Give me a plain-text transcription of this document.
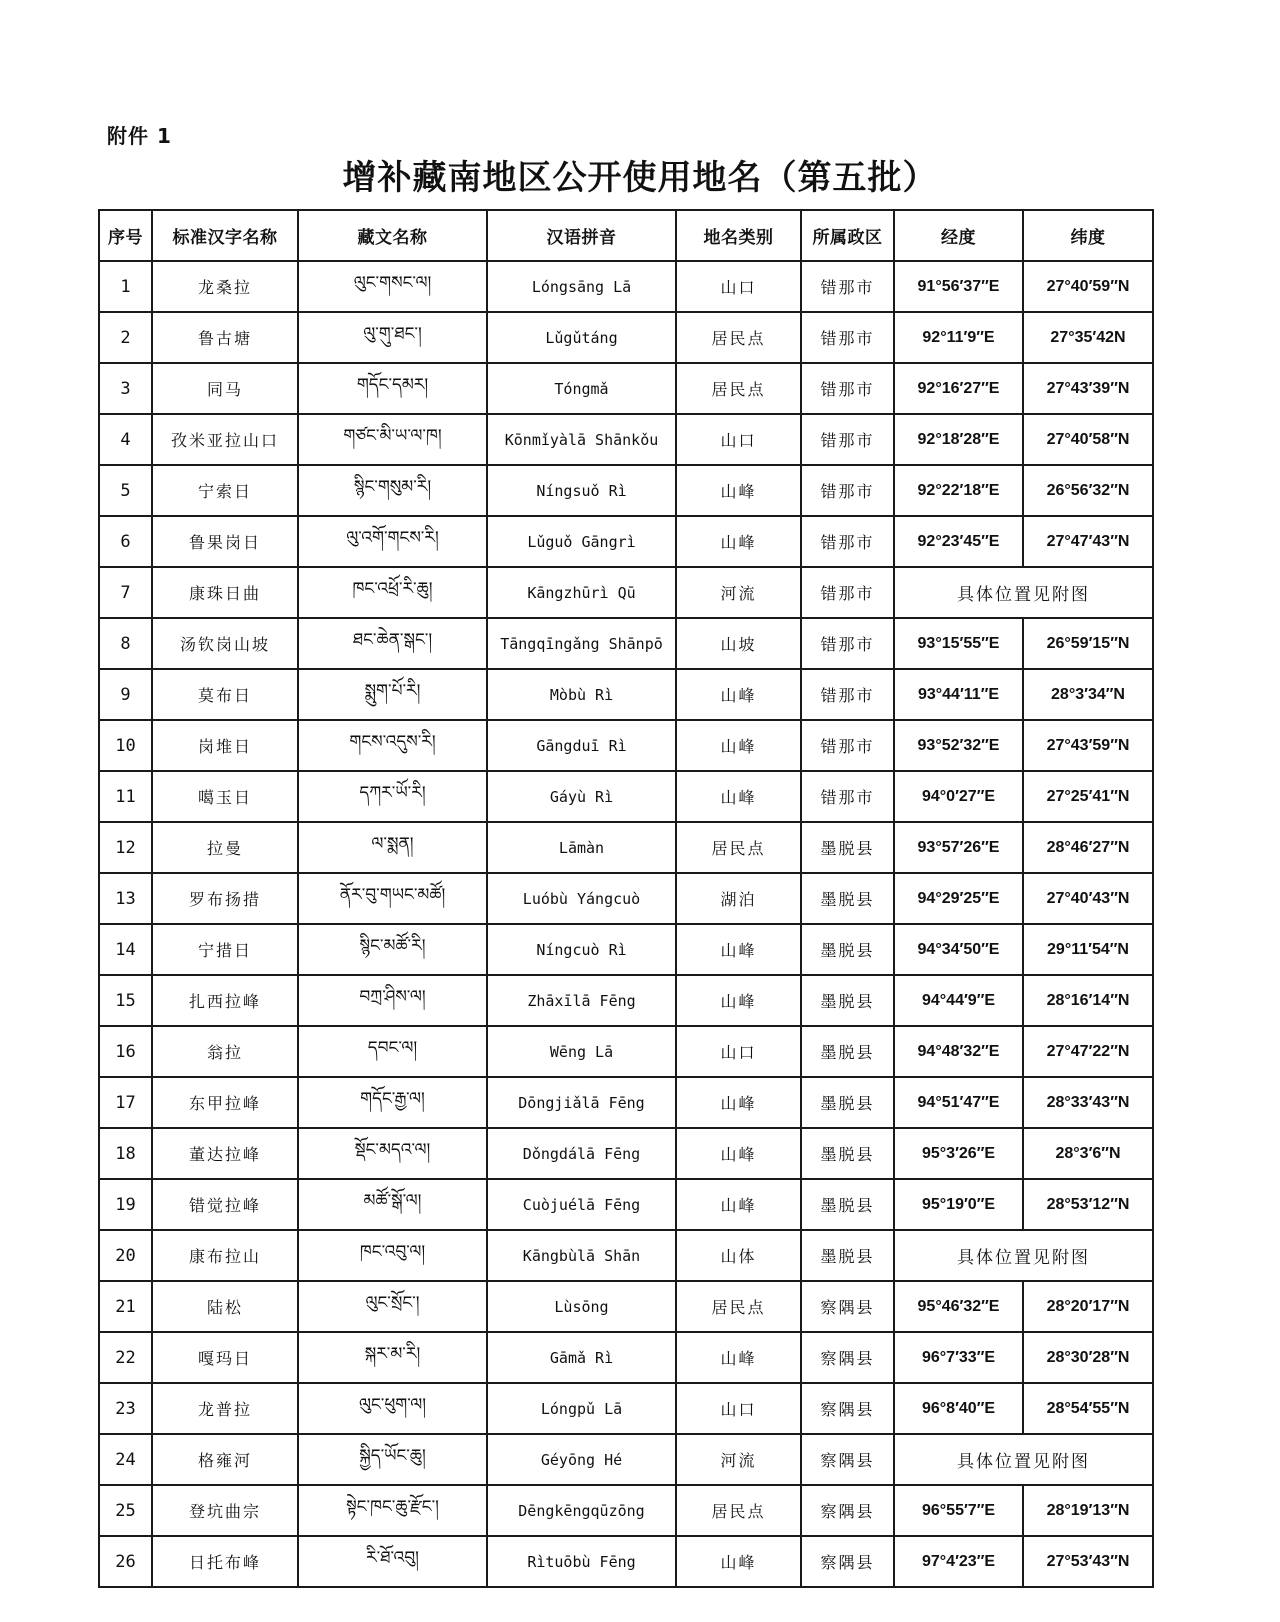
附件 1
增补藏南地区公开使用地名（第五批）
序号	标准汉字名称	藏文名称	汉语拼音	地名类别	所属政区	经度	纬度
1	龙桑拉	ལུང་གསང་ལ།	Lóngsāng Lā	山口	错那市	91°56′37″E	27°40′59″N
2	鲁古塘	ལུ་གུ་ཐང་།	Lǔgǔtáng	居民点	错那市	92°11′9″E	27°35′42N
3	同马	གདོང་དམར།	Tóngmǎ	居民点	错那市	92°16′27″E	27°43′39″N
4	孜米亚拉山口	གཙང་མི་ཡ་ལ་ཁ།	Kōnmǐyàlā Shānkǒu	山口	错那市	92°18′28″E	27°40′58″N
5	宁索日	སྙིང་གསུམ་རི།	Níngsuǒ Rì	山峰	错那市	92°22′18″E	26°56′32″N
6	鲁果岗日	ལུ་འགོ་གངས་རི།	Lǔguǒ Gāngrì	山峰	错那市	92°23′45″E	27°47′43″N
7	康珠日曲	ཁང་འཕྲོ་རི་ཆུ།	Kāngzhūrì Qū	河流	错那市	具体位置见附图	
8	汤钦岗山坡	ཐང་ཆེན་སྒང་།	Tāngqīngǎng Shānpō	山坡	错那市	93°15′55″E	26°59′15″N
9	莫布日	སྨུག་པོ་རི།	Mòbù Rì	山峰	错那市	93°44′11″E	28°3′34″N
10	岗堆日	གངས་འདུས་རི།	Gāngduī Rì	山峰	错那市	93°52′32″E	27°43′59″N
11	噶玉日	དཀར་ཡོ་རི།	Gáyù Rì	山峰	错那市	94°0′27″E	27°25′41″N
12	拉曼	ལ་སྨན།	Lāmàn	居民点	墨脱县	93°57′26″E	28°46′27″N
13	罗布扬措	ནོར་བུ་གཡང་མཚོ།	Luóbù Yángcuò	湖泊	墨脱县	94°29′25″E	27°40′43″N
14	宁措日	སྙིང་མཚོ་རི།	Níngcuò Rì	山峰	墨脱县	94°34′50″E	29°11′54″N
15	扎西拉峰	བཀྲ་ཤིས་ལ།	Zhāxīlā Fēng	山峰	墨脱县	94°44′9″E	28°16′14″N
16	翁拉	དབང་ལ།	Wēng Lā	山口	墨脱县	94°48′32″E	27°47′22″N
17	东甲拉峰	གདོང་རྒྱ་ལ།	Dōngjiǎlā Fēng	山峰	墨脱县	94°51′47″E	28°33′43″N
18	董达拉峰	སྡོང་མདའ་ལ།	Dǒngdálā Fēng	山峰	墨脱县	95°3′26″E	28°3′6″N
19	错觉拉峰	མཚོ་སྒོ་ལ།	Cuòjuélā Fēng	山峰	墨脱县	95°19′0″E	28°53′12″N
20	康布拉山	ཁང་འབུ་ལ།	Kāngbùlā Shān	山体	墨脱县	具体位置见附图	
21	陆松	ལུང་སྲོང་།	Lùsōng	居民点	察隅县	95°46′32″E	28°20′17″N
22	嘎玛日	སྐར་མ་རི།	Gāmǎ Rì	山峰	察隅县	96°7′33″E	28°30′28″N
23	龙普拉	ལུང་ཕུག་ལ།	Lóngpǔ Lā	山口	察隅县	96°8′40″E	28°54′55″N
24	格雍河	སྐྱིད་ཡོང་ཆུ།	Géyōng Hé	河流	察隅县	具体位置见附图	
25	登坑曲宗	སྟེང་ཁང་ཆུ་རྫོང་།	Dēngkēngqūzōng	居民点	察隅县	96°55′7″E	28°19′13″N
26	日托布峰	རི་ཐོ་འབུ།	Rìtuōbù Fēng	山峰	察隅县	97°4′23″E	27°53′43″N
